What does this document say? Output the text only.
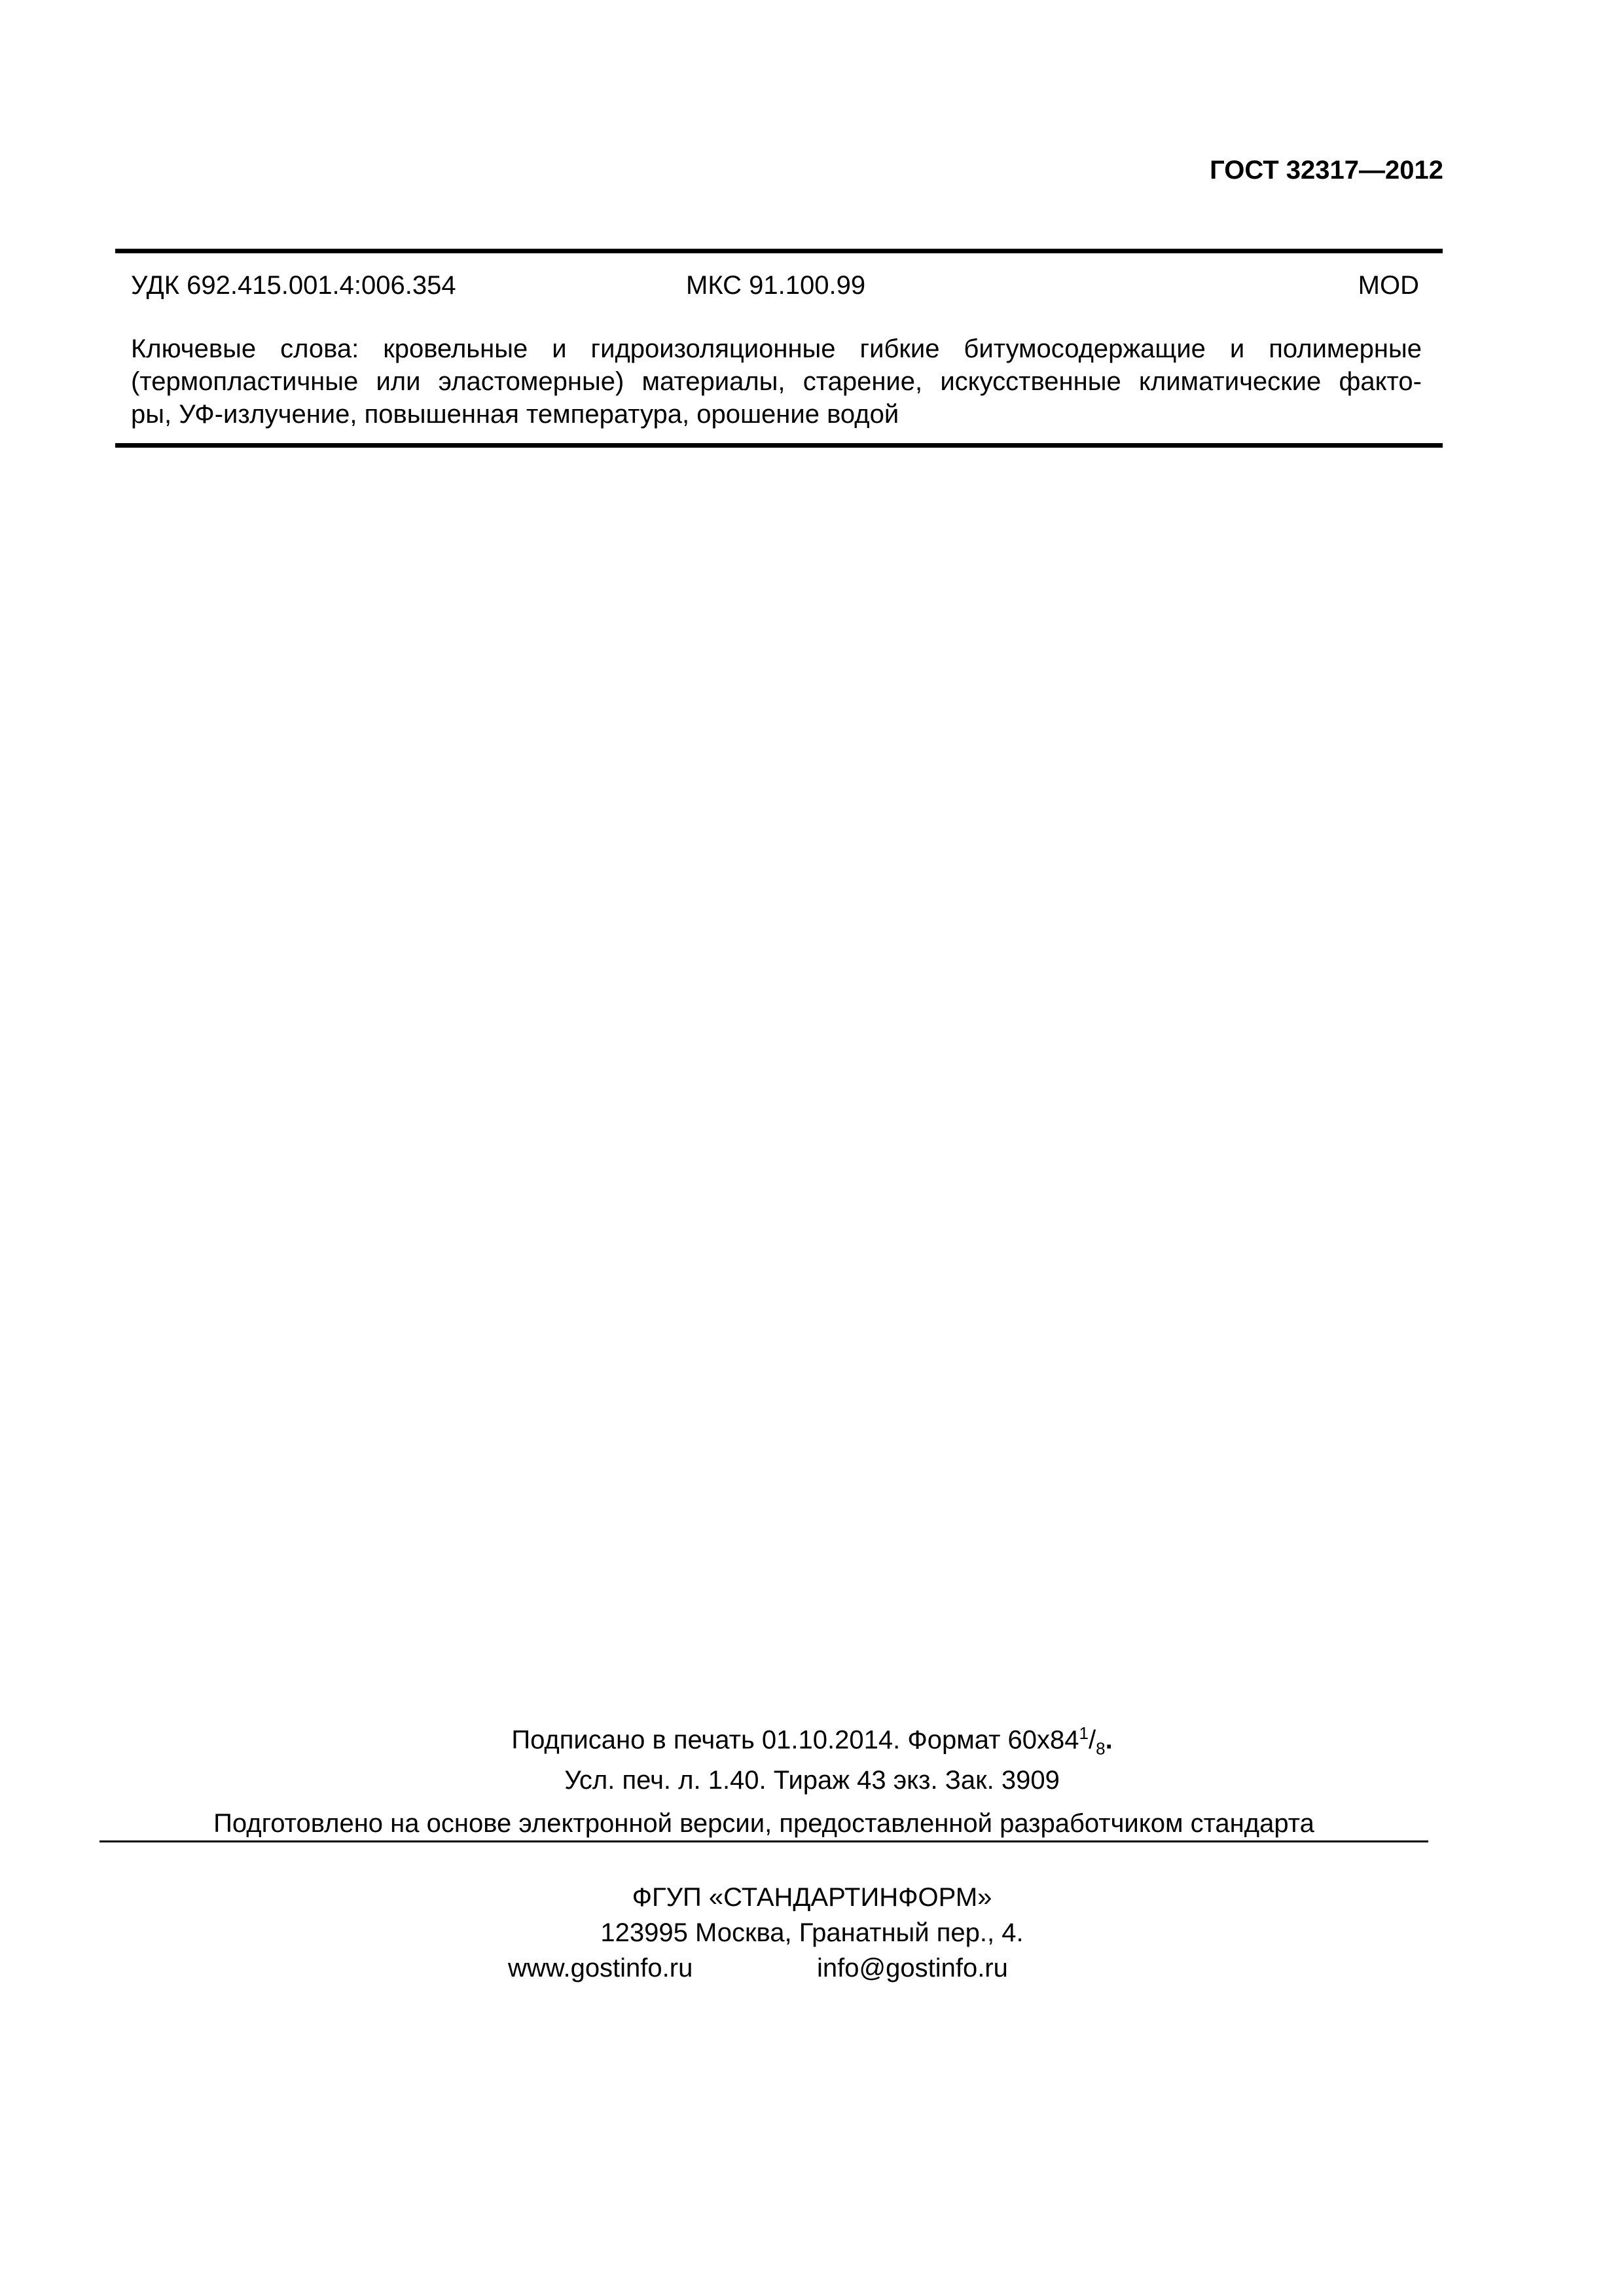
ГОСТ 32317—2012
УДК 692.415.001.4:006.354	МКС 91.100.99	MOD
Ключевые слова: кровельные и гидроизоляционные гибкие битумосодержащие и полимерные
(термопластичные или эластомерные) материалы, старение, искусственные климатические факто-
ры, УФ-излучение, повышенная температура, орошение водой
Подписано в печать 01.10.2014. Формат $60x84^1/_8$.
Усл. печ. л. 1.40. Тираж 43 экз. Зак. 3909
Подготовлено на основе электронной версии, предоставленной разработчиком стандарта
ФГУП «СТАНДАРТИНФОРМ»
123995 Москва, Гранатный пер., 4.
www.gostinfo.ru	info@gostinfo.ru
